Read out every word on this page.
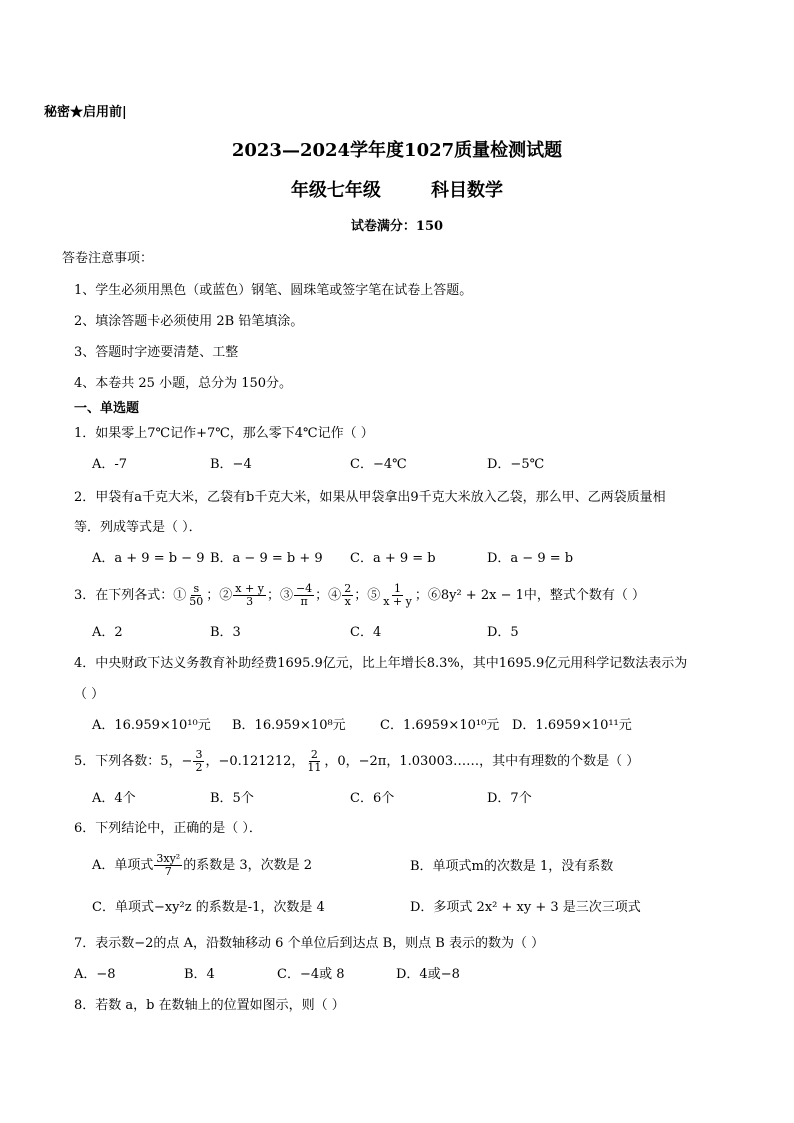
秘密★启用前|
2023—2024学年度1027质量检测试题
年级七年级        科目数学
试卷满分：150
答卷注意事项：
1、学生必须用黑色（或蓝色）钢笔、圆珠笔或签字笔在试卷上答题。
2、填涂答题卡必须使用 2B 铅笔填涂。
3、答题时字迹要清楚、工整
4、本卷共 25 小题，总分为 150分。
一、单选题
1．如果零上7℃记作+7℃，那么零下4℃记作（ ）
A．-7	B．−4	C．−4℃	D．−5℃
2．甲袋有a千克大米，乙袋有b千克大米，如果从甲袋拿出9千克大米放入乙袋，那么甲、乙两袋质量相
等．列成等式是（ ）．
A．a + 9 = b − 9 B．a − 9 = b + 9 C．a + 9 = b	D．a − 9 = b
3．在下列各式：① $\frac{s}{50}$ ；② $\frac{x + y}{3}$ ；③ $\frac{-4}{\pi}$ ；④ $\frac{2}{x}$ ；⑤ $\frac{1}{x + y}$ ；⑥8y² + 2x − 1中，整式个数有（ ）
A．2	B．3	C．4	D．5
4．中央财政下达义务教育补助经费1695.9亿元，比上年增长8.3%，其中1695.9亿元用科学记数法表示为
（ ）
A．16.959×10¹⁰元 B．16.959×10⁸元	C．1.6959×10¹⁰元 D．1.6959×10¹¹元
5．下列各数：5，− $\frac{3}{2}$ ，−0.121212， $\frac{2}{11}$ ，0，−2π，1.03003……，其中有理数的个数是（ ）
A．4个	B．5个	C．6个	D．7个
6．下列结论中，正确的是（ ）．
A．单项式 $\frac{\text{3xy²}}{7}$ 的系数是 3，次数是 2	B．单项式m的次数是 1，没有系数
C．单项式−xy²z 的系数是-1，次数是 4	D．多项式 2x² + xy + 3 是三次三项式
7．表示数−2的点 A，沿数轴移动 6 个单位后到达点 B，则点 B 表示的数为（ ）
A．−8	B．4	C．−4或 8	D．4或−8
8．若数 a，b 在数轴上的位置如图示，则（ ）
